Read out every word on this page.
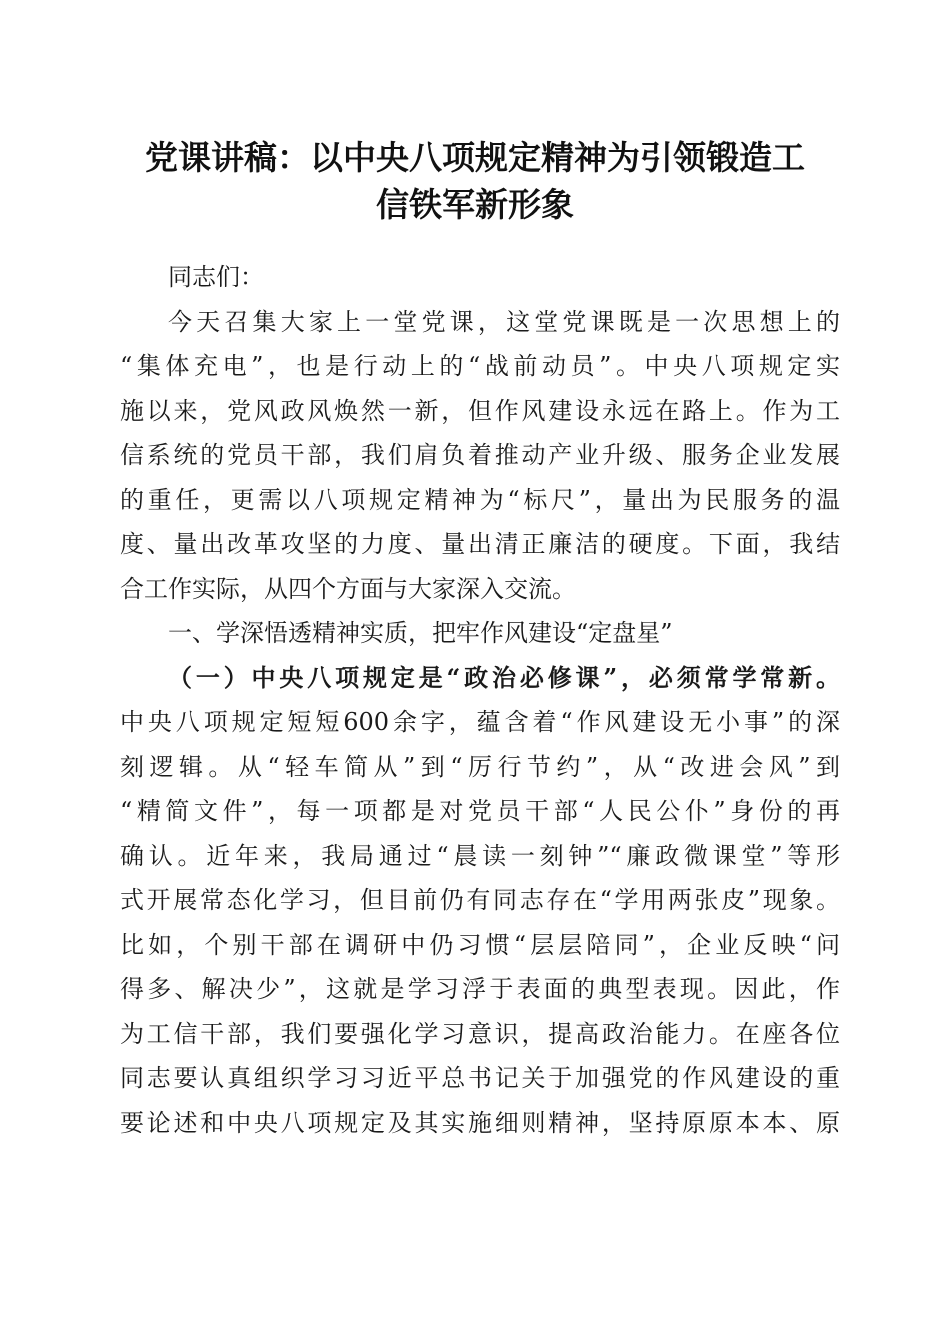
党课讲稿：以中央八项规定精神为引领锻造工
信铁军新形象

同志们：

今天召集大家上一堂党课，这堂党课既是一次思想上的
“集体充电”，也是行动上的“战前动员”。中央八项规定实
施以来，党风政风焕然一新，但作风建设永远在路上。作为工
信系统的党员干部，我们肩负着推动产业升级、服务企业发展
的重任，更需以八项规定精神为“标尺”，量出为民服务的温
度、量出改革攻坚的力度、量出清正廉洁的硬度。下面，我结
合工作实际，从四个方面与大家深入交流。

一、学深悟透精神实质，把牢作风建设“定盘星”

（一）中央八项规定是“政治必修课”，必须常学常新。
中央八项规定短短600余字，蕴含着“作风建设无小事”的深
刻逻辑。从“轻车简从”到“厉行节约”，从“改进会风”到
“精简文件”，每一项都是对党员干部“人民公仆”身份的再
确认。近年来，我局通过“晨读一刻钟”“廉政微课堂”等形
式开展常态化学习，但目前仍有同志存在“学用两张皮”现象。
比如，个别干部在调研中仍习惯“层层陪同”，企业反映“问
得多、解决少”，这就是学习浮于表面的典型表现。因此，作
为工信干部，我们要强化学习意识，提高政治能力。在座各位
同志要认真组织学习习近平总书记关于加强党的作风建设的重
要论述和中央八项规定及其实施细则精神，坚持原原本本、原
